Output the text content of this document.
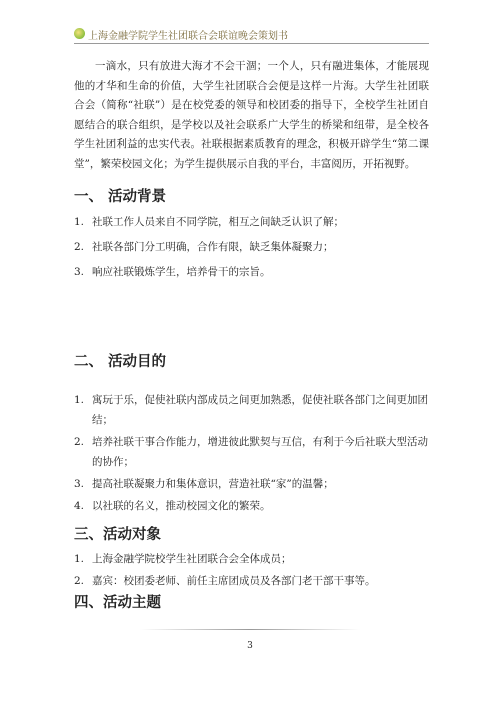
上海金融学院学生社团联合会联谊晚会策划书

一滴水，只有放进大海才不会干涸；一个人，只有融进集体，才能展现他的才华和生命的价值，大学生社团联合会便是这样一片海。大学生社团联合会（简称“社联”）是在校党委的领导和校团委的指导下，全校学生社团自愿结合的联合组织，是学校以及社会联系广大学生的桥梁和纽带，是全校各学生社团利益的忠实代表。社联根据素质教育的理念，积极开辟学生“第二课堂”，繁荣校园文化；为学生提供展示自我的平台，丰富阅历，开拓视野。

一、 活动背景
1. 社联工作人员来自不同学院，相互之间缺乏认识了解；
2. 社联各部门分工明确，合作有限，缺乏集体凝聚力；
3. 响应社联锻炼学生，培养骨干的宗旨。
二、 活动目的
1. 寓玩于乐，促使社联内部成员之间更加熟悉，促使社联各部门之间更加团结；
2. 培养社联干事合作能力，增进彼此默契与互信，有利于今后社联大型活动的协作；
3. 提高社联凝聚力和集体意识，营造社联“家”的温馨；
4. 以社联的名义，推动校园文化的繁荣。
三、活动对象
1. 上海金融学院校学生社团联合会全体成员；
2. 嘉宾：校团委老师、前任主席团成员及各部门老干部干事等。
四、活动主题
3
